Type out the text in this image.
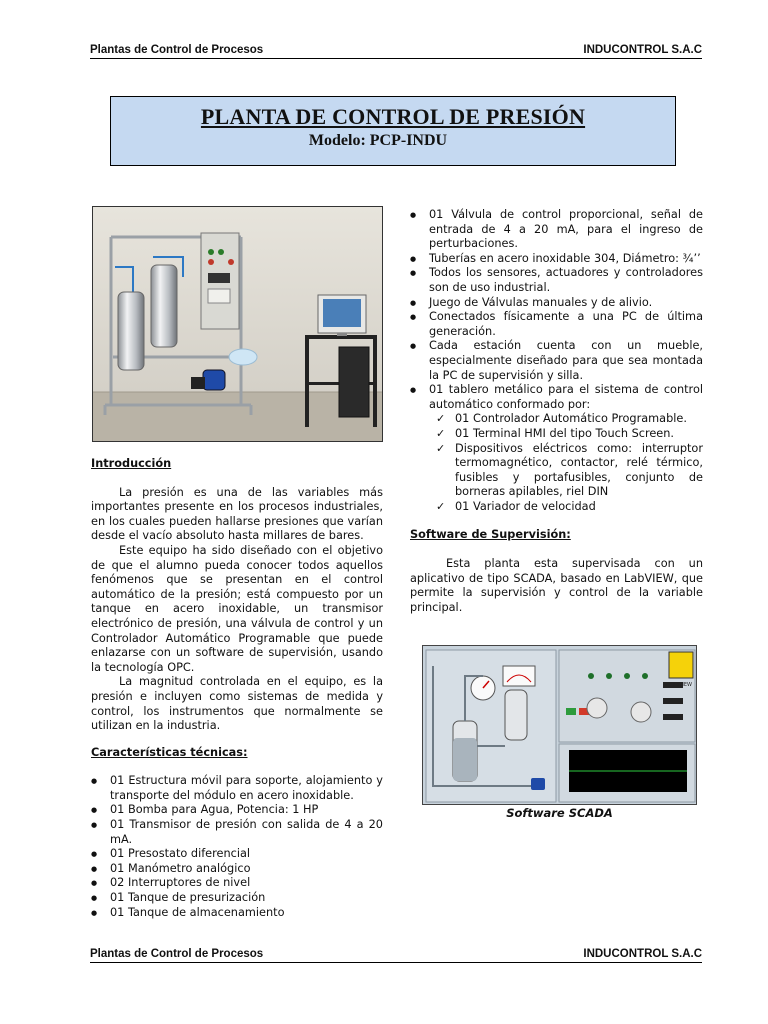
Plantas de Control de Procesos	INDUCONTROL S.A.C
PLANTA DE CONTROL DE PRESIÓN
Modelo: PCP-INDU
Introducción

La presión es una de las variables más importantes presente en los procesos industriales, en los cuales pueden hallarse presiones que varían desde el vacío absoluto hasta millares de bares.

Este equipo ha sido diseñado con el objetivo de que el alumno pueda conocer todos aquellos fenómenos que se presentan en el control automático de la presión; está compuesto por un tanque en acero inoxidable, un transmisor electrónico de presión, una válvula de control y un Controlador Automático Programable que puede enlazarse con un software de supervisión, usando la tecnología OPC.

La magnitud controlada en el equipo, es la presión e incluyen como sistemas de medida y control, los instrumentos que normalmente se utilizan en la industria.

Características técnicas:
● 01 Estructura móvil para soporte, alojamiento y transporte del módulo en acero inoxidable.
● 01 Bomba para Agua, Potencia: 1 HP
● 01 Transmisor de presión con salida de 4 a 20 mA.
● 01 Presostato diferencial
● 01 Manómetro analógico
● 02 Interruptores de nivel
● 01 Tanque de presurización
● 01 Tanque de almacenamiento
● 01 Válvula de control proporcional, señal de entrada de 4 a 20 mA, para el ingreso de perturbaciones.
● Tuberías en acero inoxidable 304, Diámetro: ¾’’
● Todos los sensores, actuadores y controladores son de uso industrial.
● Juego de Válvulas manuales y de alivio.
● Conectados físicamente a una PC de última generación.
● Cada estación cuenta con un mueble, especialmente diseñado para que sea montada la PC de supervisión y silla.
● 01 tablero metálico para el sistema de control automático conformado por:
✓ 01 Controlador Automático Programable.
✓ 01 Terminal HMI del tipo Touch Screen.
✓ Dispositivos eléctricos como: interruptor termomagnético, contactor, relé térmico, fusibles y portafusibles, conjunto de borneras apilables, riel DIN
✓ 01 Variador de velocidad
Software de Supervisión:

Esta planta esta supervisada con un aplicativo de tipo SCADA, basado en LabVIEW, que permite la supervisión y control de la variable principal.

LabVIEW
Software SCADA
Plantas de Control de Procesos	INDUCONTROL S.A.C
